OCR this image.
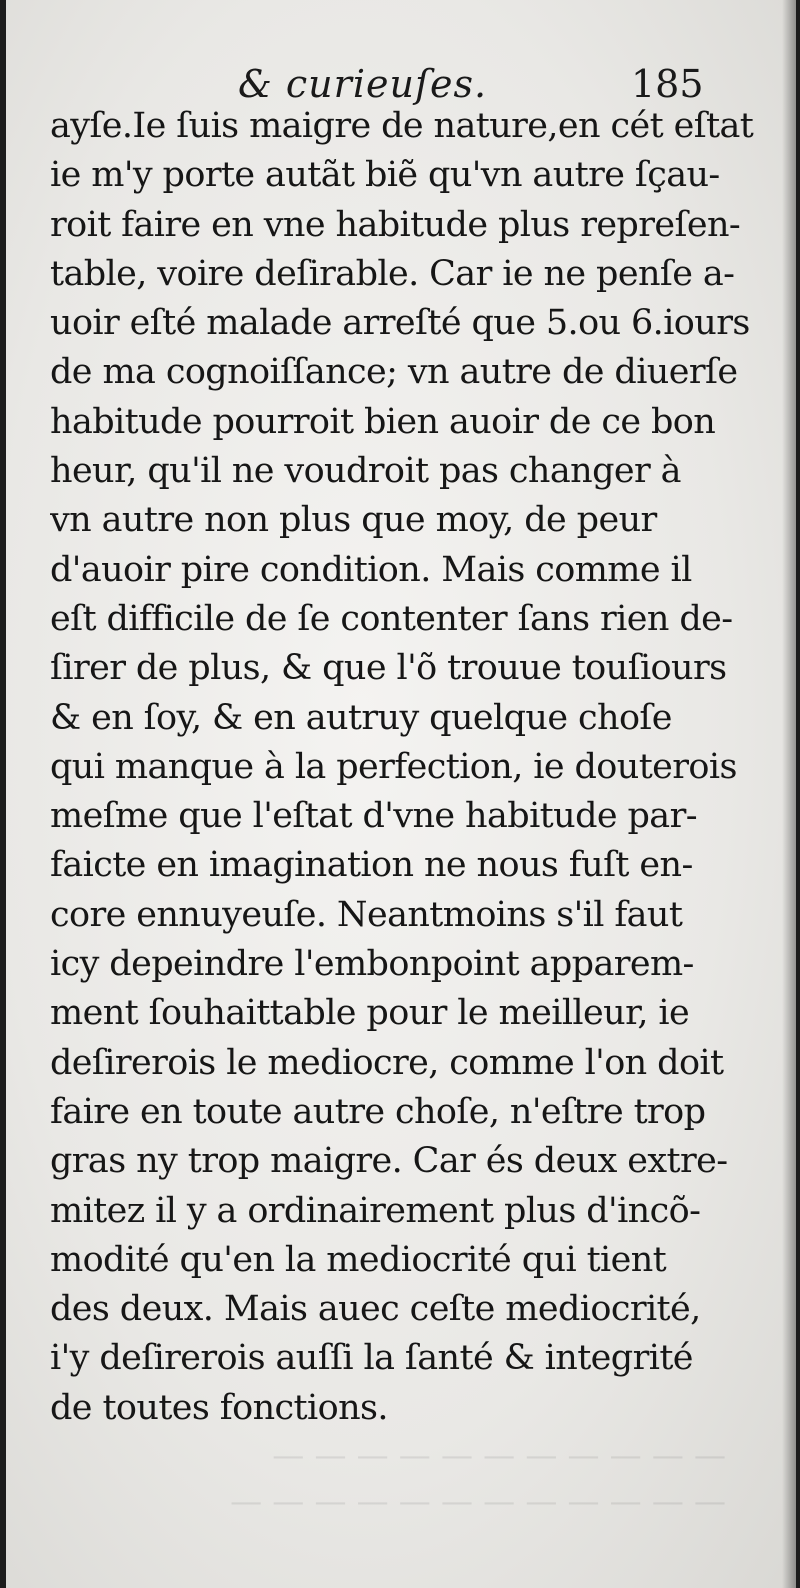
& curieuſes.	185
ayſe.Ie ſuis maigre de nature,en cét eſtat
ie m'y porte autãt biẽ qu'vn autre ſçau-
roit faire en vne habitude plus repreſen-
table, voire deſirable. Car ie ne penſe a-
uoir eſté malade arreſté que 5.ou 6.iours
de ma cognoiſſance; vn autre de diuerſe
habitude pourroit bien auoir de ce bon
heur, qu'il ne voudroit pas changer à
vn autre non plus que moy, de peur
d'auoir pire condition. Mais comme il
eſt difficile de ſe contenter ſans rien de-
ſirer de plus, & que l'õ trouue touſiours
& en ſoy, & en autruy quelque choſe
qui manque à la perfection, ie douterois
meſme que l'eſtat d'vne habitude par-
faicte en imagination ne nous fuſt en-
core ennuyeuſe. Neantmoins s'il faut
icy depeindre l'embonpoint apparem-
ment ſouhaittable pour le meilleur, ie
deſirerois le mediocre, comme l'on doit
faire en toute autre choſe, n'eſtre trop
gras ny trop maigre. Car és deux extre-
mitez il y a ordinairement plus d'incõ-
modité qu'en la mediocrité qui tient
des deux. Mais auec ceſte mediocrité,
i'y deſirerois auſſi la ſanté & integrité
de toutes fonctions.
— — — — — — — — — — —
— — — — — — — — — — — —
